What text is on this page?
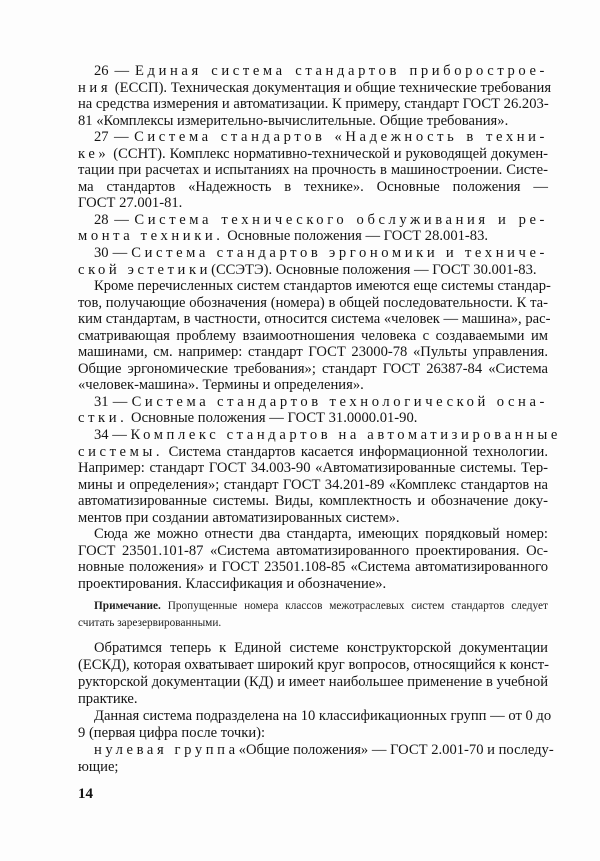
26 — Единая система стандартов приборострое-
ния (ЕССП). Техническая документация и общие технические требования
на средства измерения и автоматизации. К примеру, стандарт ГОСТ 26.203-
81 «Комплексы измерительно-вычислительные. Общие требования».
27 — Система стандартов «Надежность в техни-
ке» (ССНТ). Комплекс нормативно-технической и руководящей докумен-
тации при расчетах и испытаниях на прочность в машиностроении. Систе-
ма стандартов «Надежность в технике». Основные положения —
ГОСТ 27.001-81.
28 — Система технического обслуживания и ре-
монта техники. Основные положения — ГОСТ 28.001-83.
30 — Система стандартов эргономики и техниче-
ской эстетики(ССЭТЭ). Основные положения — ГОСТ 30.001-83.
Кроме перечисленных систем стандартов имеются еще системы стандар-
тов, получающие обозначения (номера) в общей последовательности. К та-
ким стандартам, в частности, относится система «человек — машина», рас-
сматривающая проблему взаимоотношения человека с создаваемыми им
машинами, см. например: стандарт ГОСТ 23000-78 «Пульты управления.
Общие эргономические требования»; стандарт ГОСТ 26387-84 «Система
«человек-машина». Термины и определения».
31 — Система стандартов технологической осна-
стки. Основные положения — ГОСТ 31.0000.01-90.
34 — Комплекс стандартов на автоматизированные
системы. Система стандартов касается информационной технологии.
Например: стандарт ГОСТ 34.003-90 «Автоматизированные системы. Тер-
мины и определения»; стандарт ГОСТ 34.201-89 «Комплекс стандартов на
автоматизированные системы. Виды, комплектность и обозначение доку-
ментов при создании автоматизированных систем».
Сюда же можно отнести два стандарта, имеющих порядковый номер:
ГОСТ 23501.101-87 «Система автоматизированного проектирования. Ос-
новные положения» и ГОСТ 23501.108-85 «Система автоматизированного
проектирования. Классификация и обозначение».
Примечание. Пропущенные номера классов межотраслевых систем стандартов следует
считать зарезервированными.
Обратимся теперь к Единой системе конструкторской документации
(ЕСКД), которая охватывает широкий круг вопросов, относящийся к конст-
рукторской документации (КД) и имеет наибольшее применение в учебной
практике.
Данная система подразделена на 10 классификационных групп — от 0 до
9 (первая цифра после точки):
нулевая группа«Общие положения» — ГОСТ 2.001-70 и последу-
ющие;
14
